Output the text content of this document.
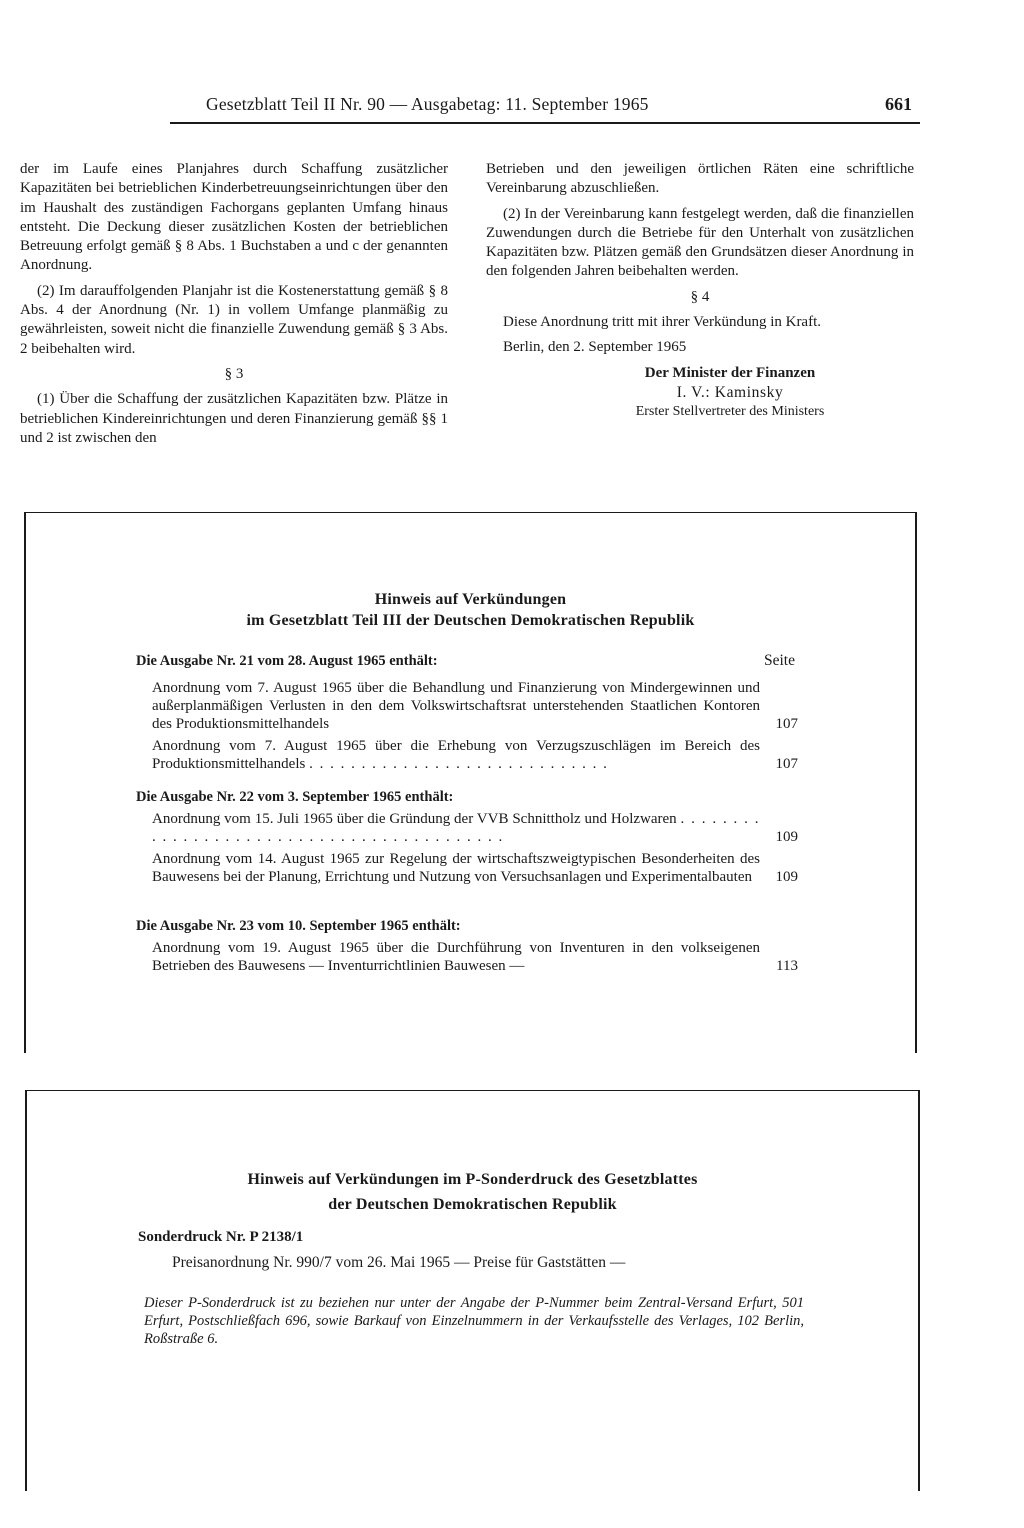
Gesetzblatt Teil II Nr. 90 — Ausgabetag: 11. September 1965	661

der im Laufe eines Planjahres durch Schaffung zusätzlicher Kapazitäten bei betrieblichen Kinderbetreuungseinrichtungen über den im Haushalt des zuständigen Fachorgans geplanten Umfang hinaus entsteht. Die Deckung dieser zusätzlichen Kosten der betrieblichen Betreuung erfolgt gemäß § 8 Abs. 1 Buchstaben a und c der genannten Anordnung.

(2) Im darauffolgenden Planjahr ist die Kostenerstattung gemäß § 8 Abs. 4 der Anordnung (Nr. 1) in vollem Umfange planmäßig zu gewährleisten, soweit nicht die finanzielle Zuwendung gemäß § 3 Abs. 2 beibehalten wird.

§ 3

(1) Über die Schaffung der zusätzlichen Kapazitäten bzw. Plätze in betrieblichen Kindereinrichtungen und deren Finanzierung gemäß §§ 1 und 2 ist zwischen den

Betrieben und den jeweiligen örtlichen Räten eine schriftliche Vereinbarung abzuschließen.

(2) In der Vereinbarung kann festgelegt werden, daß die finanziellen Zuwendungen durch die Betriebe für den Unterhalt von zusätzlichen Kapazitäten bzw. Plätzen gemäß den Grundsätzen dieser Anordnung in den folgenden Jahren beibehalten werden.

§ 4

Diese Anordnung tritt mit ihrer Verkündung in Kraft.

Berlin, den 2. September 1965

Der Minister der Finanzen
I. V.: Kaminsky
Erster Stellvertreter des Ministers
Hinweis auf Verkündungen
im Gesetzblatt Teil III der Deutschen Demokratischen Republik
Die Ausgabe Nr. 21 vom 28. August 1965 enthält:	Seite
Anordnung vom 7. August 1965 über die Behandlung und Finanzierung von Mindergewinnen und außerplanmäßigen Verlusten in den dem Volkswirtschaftsrat unterstehenden Staatlichen Kontoren des Produktionsmittelhandels	107
Anordnung vom 7. August 1965 über die Erhebung von Verzugszuschlägen im Bereich des Produktionsmittelhandels . . . . . . . . . . . . . . . . . . . . . . . . . . . . .	107
Die Ausgabe Nr. 22 vom 3. September 1965 enthält:
Anordnung vom 15. Juli 1965 über die Gründung der VVB Schnittholz und Holzwaren . . . . . . . . . . . . . . . . . . . . . . . . . . . . . . . . . . . . . . . . . .	109
Anordnung vom 14. August 1965 zur Regelung der wirtschaftszweigtypischen Besonderheiten des Bauwesens bei der Planung, Errichtung und Nutzung von Versuchsanlagen und Experimentalbauten 109
Die Ausgabe Nr. 23 vom 10. September 1965 enthält:
Anordnung vom 19. August 1965 über die Durchführung von Inventuren in den volkseigenen Betrieben des Bauwesens — Inventurrichtlinien Bauwesen —	113
Hinweis auf Verkündungen im P-Sonderdruck des Gesetzblattes
der Deutschen Demokratischen Republik
Sonderdruck Nr. P 2138/1
Preisanordnung Nr. 990/7 vom 26. Mai 1965 — Preise für Gaststätten —
Dieser P-Sonderdruck ist zu beziehen nur unter der Angabe der P-Nummer beim Zentral-Versand Erfurt, 501 Erfurt, Postschließfach 696, sowie Barkauf von Einzelnummern in der Verkaufsstelle des Verlages, 102 Berlin, Roßstraße 6.
